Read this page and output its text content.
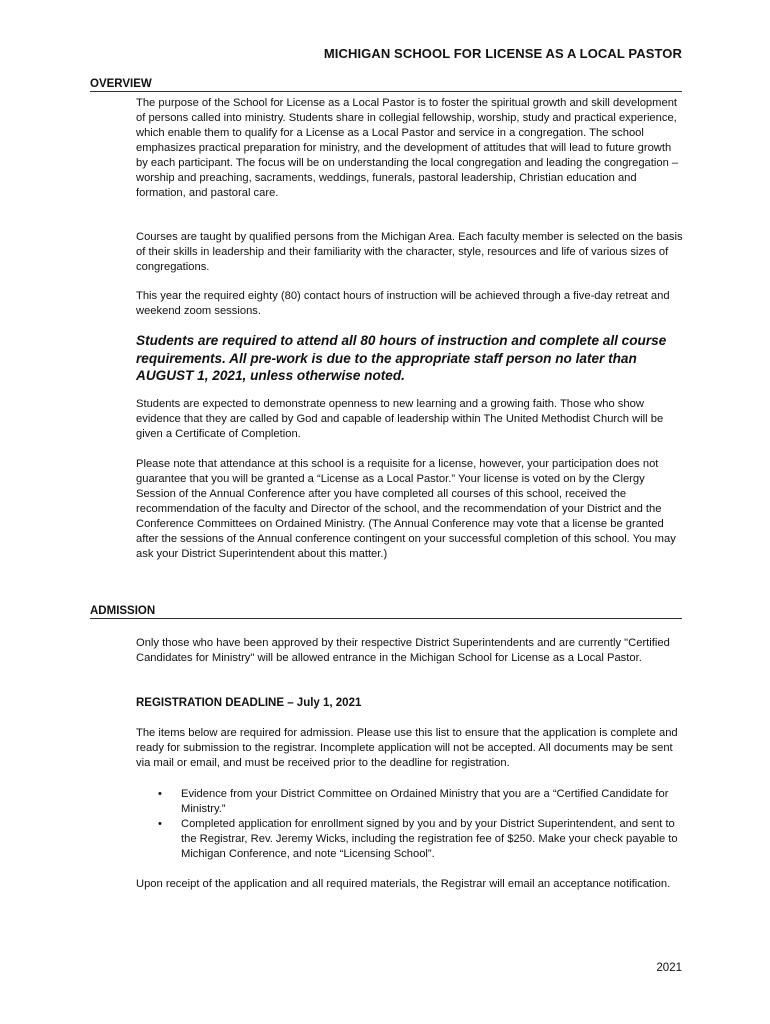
MICHIGAN SCHOOL FOR LICENSE AS A LOCAL PASTOR
OVERVIEW

The purpose of the School for License as a Local Pastor is to foster the spiritual growth and skill development of persons called into ministry. Students share in collegial fellowship, worship, study and practical experience, which enable them to qualify for a License as a Local Pastor and service in a congregation. The school emphasizes practical preparation for ministry, and the development of attitudes that will lead to future growth by each participant. The focus will be on understanding the local congregation and leading the congregation – worship and preaching, sacraments, weddings, funerals, pastoral leadership, Christian education and formation, and pastoral care.

Courses are taught by qualified persons from the Michigan Area. Each faculty member is selected on the basis of their skills in leadership and their familiarity with the character, style, resources and life of various sizes of congregations.

This year the required eighty (80) contact hours of instruction will be achieved through a five-day retreat and weekend zoom sessions.

Students are required to attend all 80 hours of instruction and complete all course requirements. All pre-work is due to the appropriate staff person no later than AUGUST 1, 2021, unless otherwise noted.

Students are expected to demonstrate openness to new learning and a growing faith. Those who show evidence that they are called by God and capable of leadership within The United Methodist Church will be given a Certificate of Completion.

Please note that attendance at this school is a requisite for a license, however, your participation does not guarantee that you will be granted a “License as a Local Pastor.” Your license is voted on by the Clergy Session of the Annual Conference after you have completed all courses of this school, received the recommendation of the faculty and Director of the school, and the recommendation of your District and the Conference Committees on Ordained Ministry. (The Annual Conference may vote that a license be granted after the sessions of the Annual conference contingent on your successful completion of this school. You may ask your District Superintendent about this matter.)

ADMISSION

Only those who have been approved by their respective District Superintendents and are currently "Certified Candidates for Ministry" will be allowed entrance in the Michigan School for License as a Local Pastor.

REGISTRATION DEADLINE – July 1, 2021

The items below are required for admission. Please use this list to ensure that the application is complete and ready for submission to the registrar. Incomplete application will not be accepted. All documents may be sent via mail or email, and must be received prior to the deadline for registration.

• Evidence from your District Committee on Ordained Ministry that you are a “Certified Candidate for Ministry.”
• Completed application for enrollment signed by you and by your District Superintendent, and sent to the Registrar, Rev. Jeremy Wicks, including the registration fee of $250. Make your check payable to Michigan Conference, and note “Licensing School”.

Upon receipt of the application and all required materials, the Registrar will email an acceptance notification.

2021
